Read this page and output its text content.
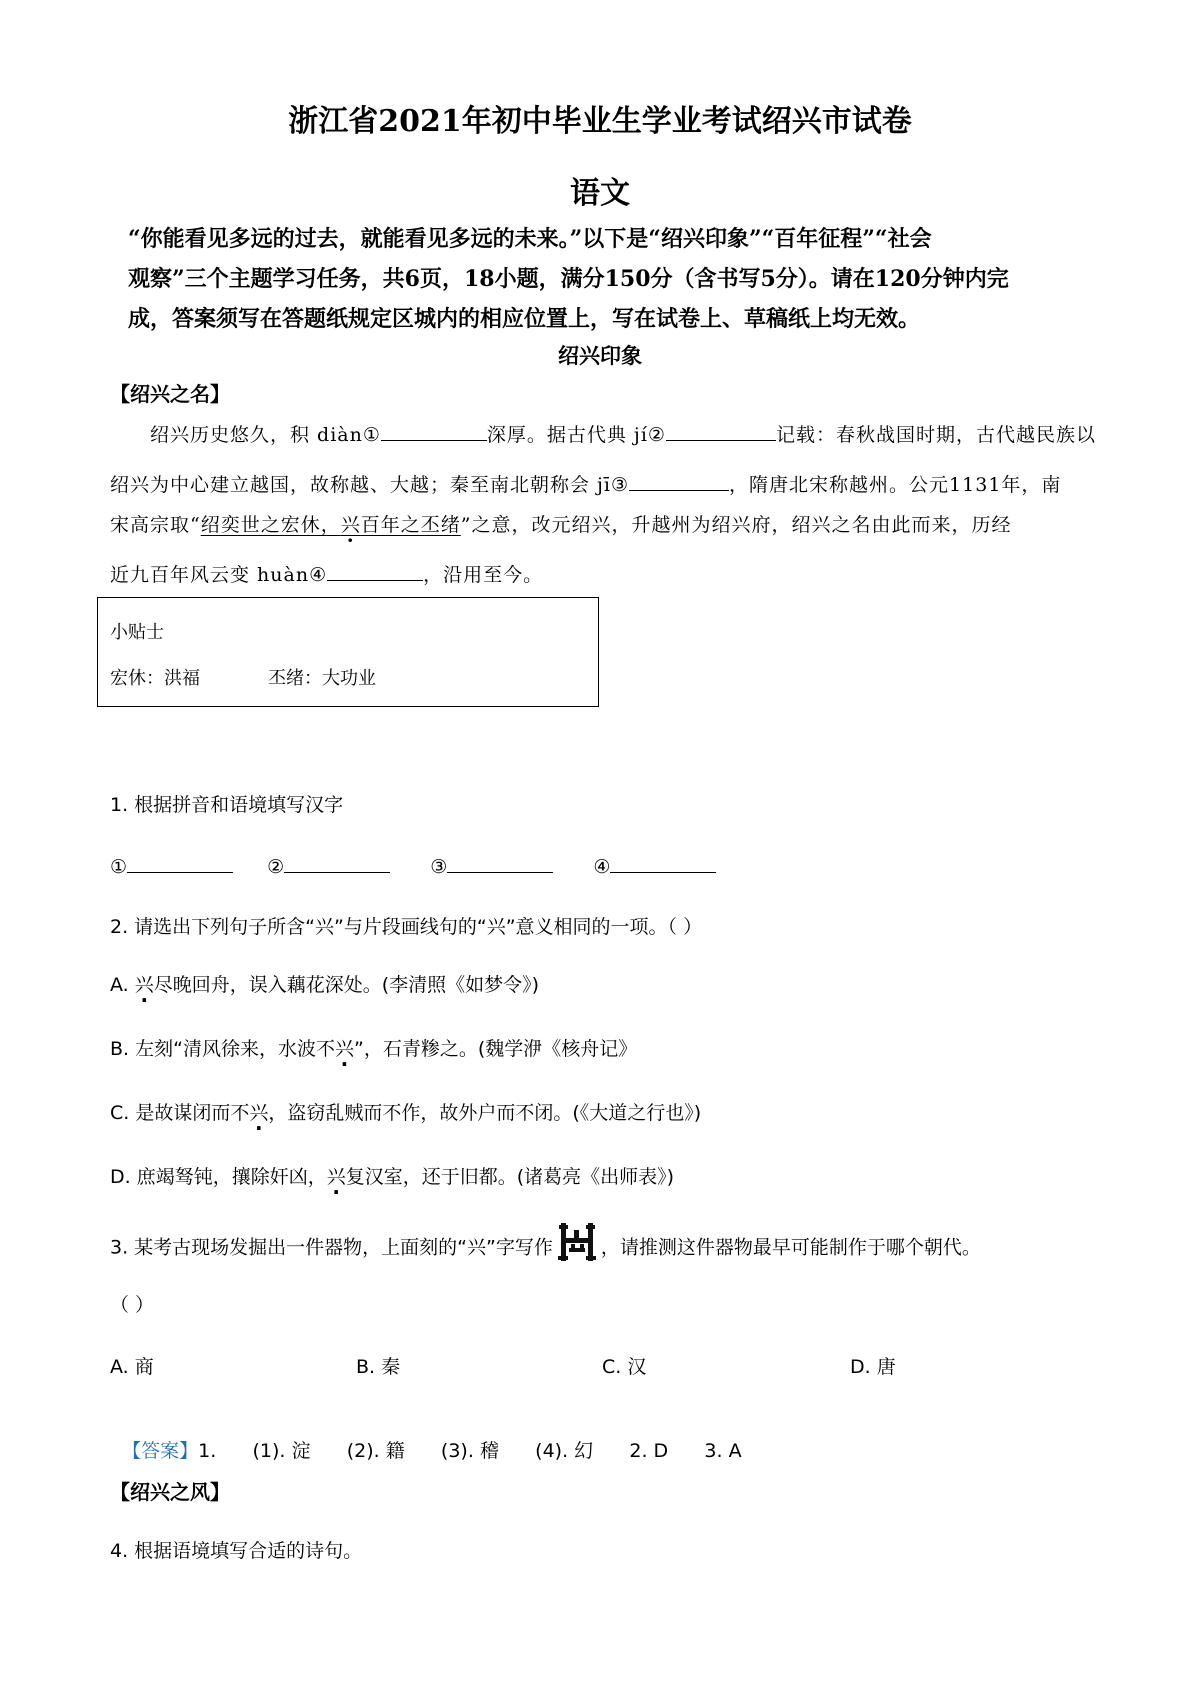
浙江省2021年初中毕业生学业考试绍兴市试卷
语文
“你能看见多远的过去，就能看见多远的未来。”以下是“绍兴印象”“百年征程”“社会
观察”三个主题学习任务，共6页，18小题，满分150分（含书写5分）。请在120分钟内完
成，答案须写在答题纸规定区城内的相应位置上，写在试卷上、草稿纸上均无效。
绍兴印象
【绍兴之名】
绍兴历史悠久，积 diàn①	深厚。据古代典 jí②	记载：春秋战国时期，古代越民族以
绍兴为中心建立越国，故称越、大越；秦至南北朝称会 jī③	，隋唐北宋称越州。公元1131年，南
宋高宗取“绍奕世之宏休，兴百年之丕绪”之意，改元绍兴，升越州为绍兴府，绍兴之名由此而来，历经
近九百年风云变 huàn④	，沿用至今。
小贴士
宏休：洪福	丕绪：大功业
1. 根据拼音和语境填写汉字
①	②	③	④
2. 请选出下列句子所含“兴”与片段画线句的“兴”意义相同的一项。（ ）
A. 兴尽晚回舟，误入藕花深处。(李清照《如梦令》)
B. 左刻“清风徐来，水波不兴”，石青糁之。(魏学洢《核舟记》
C. 是故谋闭而不兴，盗窃乱贼而不作，故外户而不闭。(《大道之行也》)
D. 庶竭驽钝，攘除奸凶，兴复汉室，还于旧都。(诸葛亮《出师表》)
3. 某考古现场发掘出一件器物，上面刻的“兴”字写作	，请推测这件器物最早可能制作于哪个朝代。
（ ）
A. 商	B. 秦	C. 汉	D. 唐

【答案】1.      (1). 淀      (2). 籍      (3). 稽      (4). 幻      2. D      3. A

【绍兴之风】
4. 根据语境填写合适的诗句。
